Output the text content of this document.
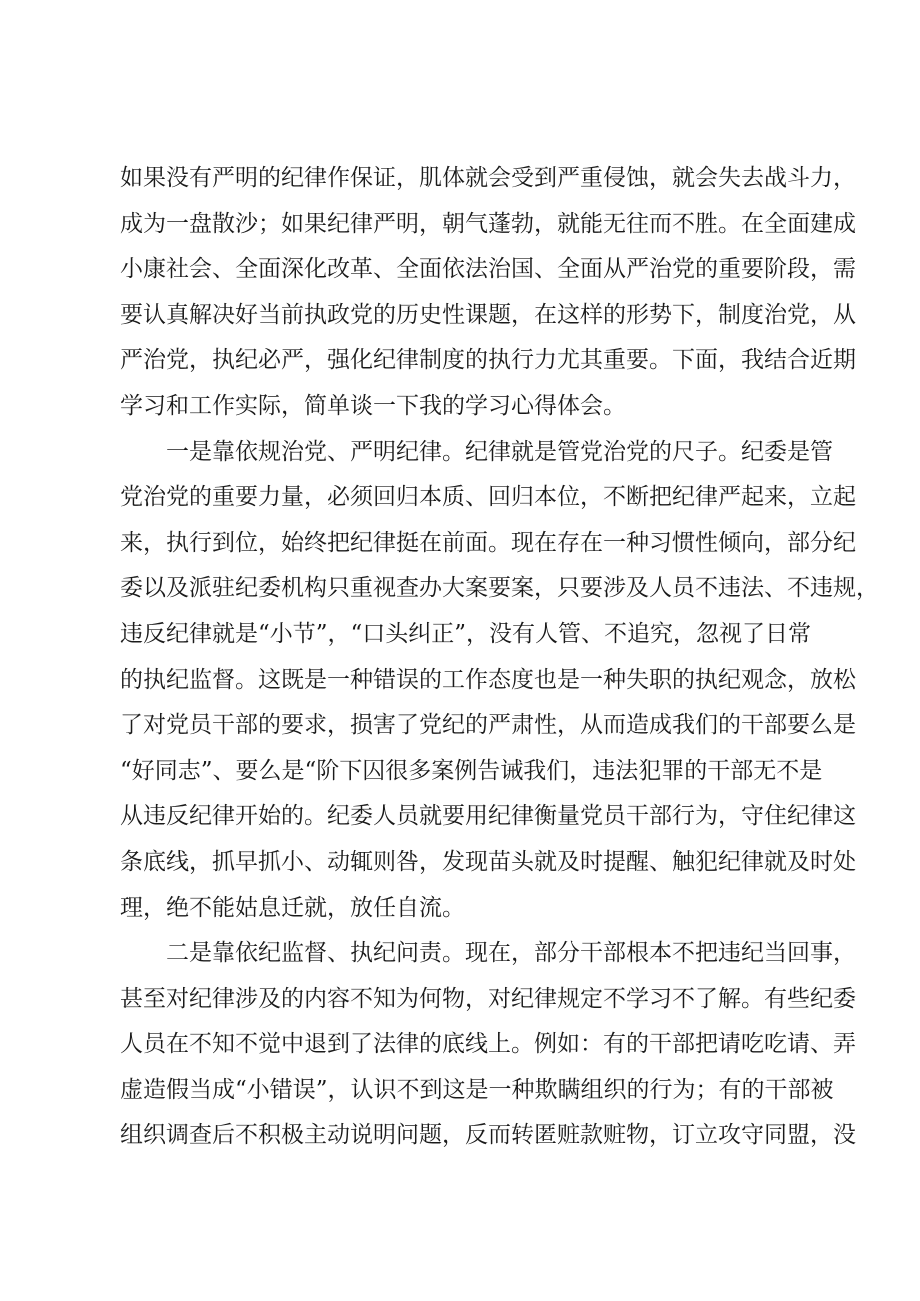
如果没有严明的纪律作保证，肌体就会受到严重侵蚀，就会失去战斗力，
成为一盘散沙；如果纪律严明，朝气蓬勃，就能无往而不胜。在全面建成
小康社会、全面深化改革、全面依法治国、全面从严治党的重要阶段，需
要认真解决好当前执政党的历史性课题，在这样的形势下，制度治党，从
严治党，执纪必严，强化纪律制度的执行力尤其重要。下面，我结合近期
学习和工作实际，简单谈一下我的学习心得体会。

一是靠依规治党、严明纪律。纪律就是管党治党的尺子。纪委是管
党治党的重要力量，必须回归本质、回归本位，不断把纪律严起来，立起
来，执行到位，始终把纪律挺在前面。现在存在一种习惯性倾向，部分纪
委以及派驻纪委机构只重视查办大案要案，只要涉及人员不违法、不违规，
违反纪律就是“小节”，“口头纠正”，没有人管、不追究，忽视了日常
的执纪监督。这既是一种错误的工作态度也是一种失职的执纪观念，放松
了对党员干部的要求，损害了党纪的严肃性，从而造成我们的干部要么是
“好同志”、要么是“阶下囚很多案例告诫我们，违法犯罪的干部无不是
从违反纪律开始的。纪委人员就要用纪律衡量党员干部行为，守住纪律这
条底线，抓早抓小、动辄则咎，发现苗头就及时提醒、触犯纪律就及时处
理，绝不能姑息迁就，放任自流。

二是靠依纪监督、执纪问责。现在，部分干部根本不把违纪当回事，
甚至对纪律涉及的内容不知为何物，对纪律规定不学习不了解。有些纪委
人员在不知不觉中退到了法律的底线上。例如：有的干部把请吃吃请、弄
虚造假当成“小错误”，认识不到这是一种欺瞒组织的行为；有的干部被
组织调查后不积极主动说明问题，反而转匿赃款赃物，订立攻守同盟，没
